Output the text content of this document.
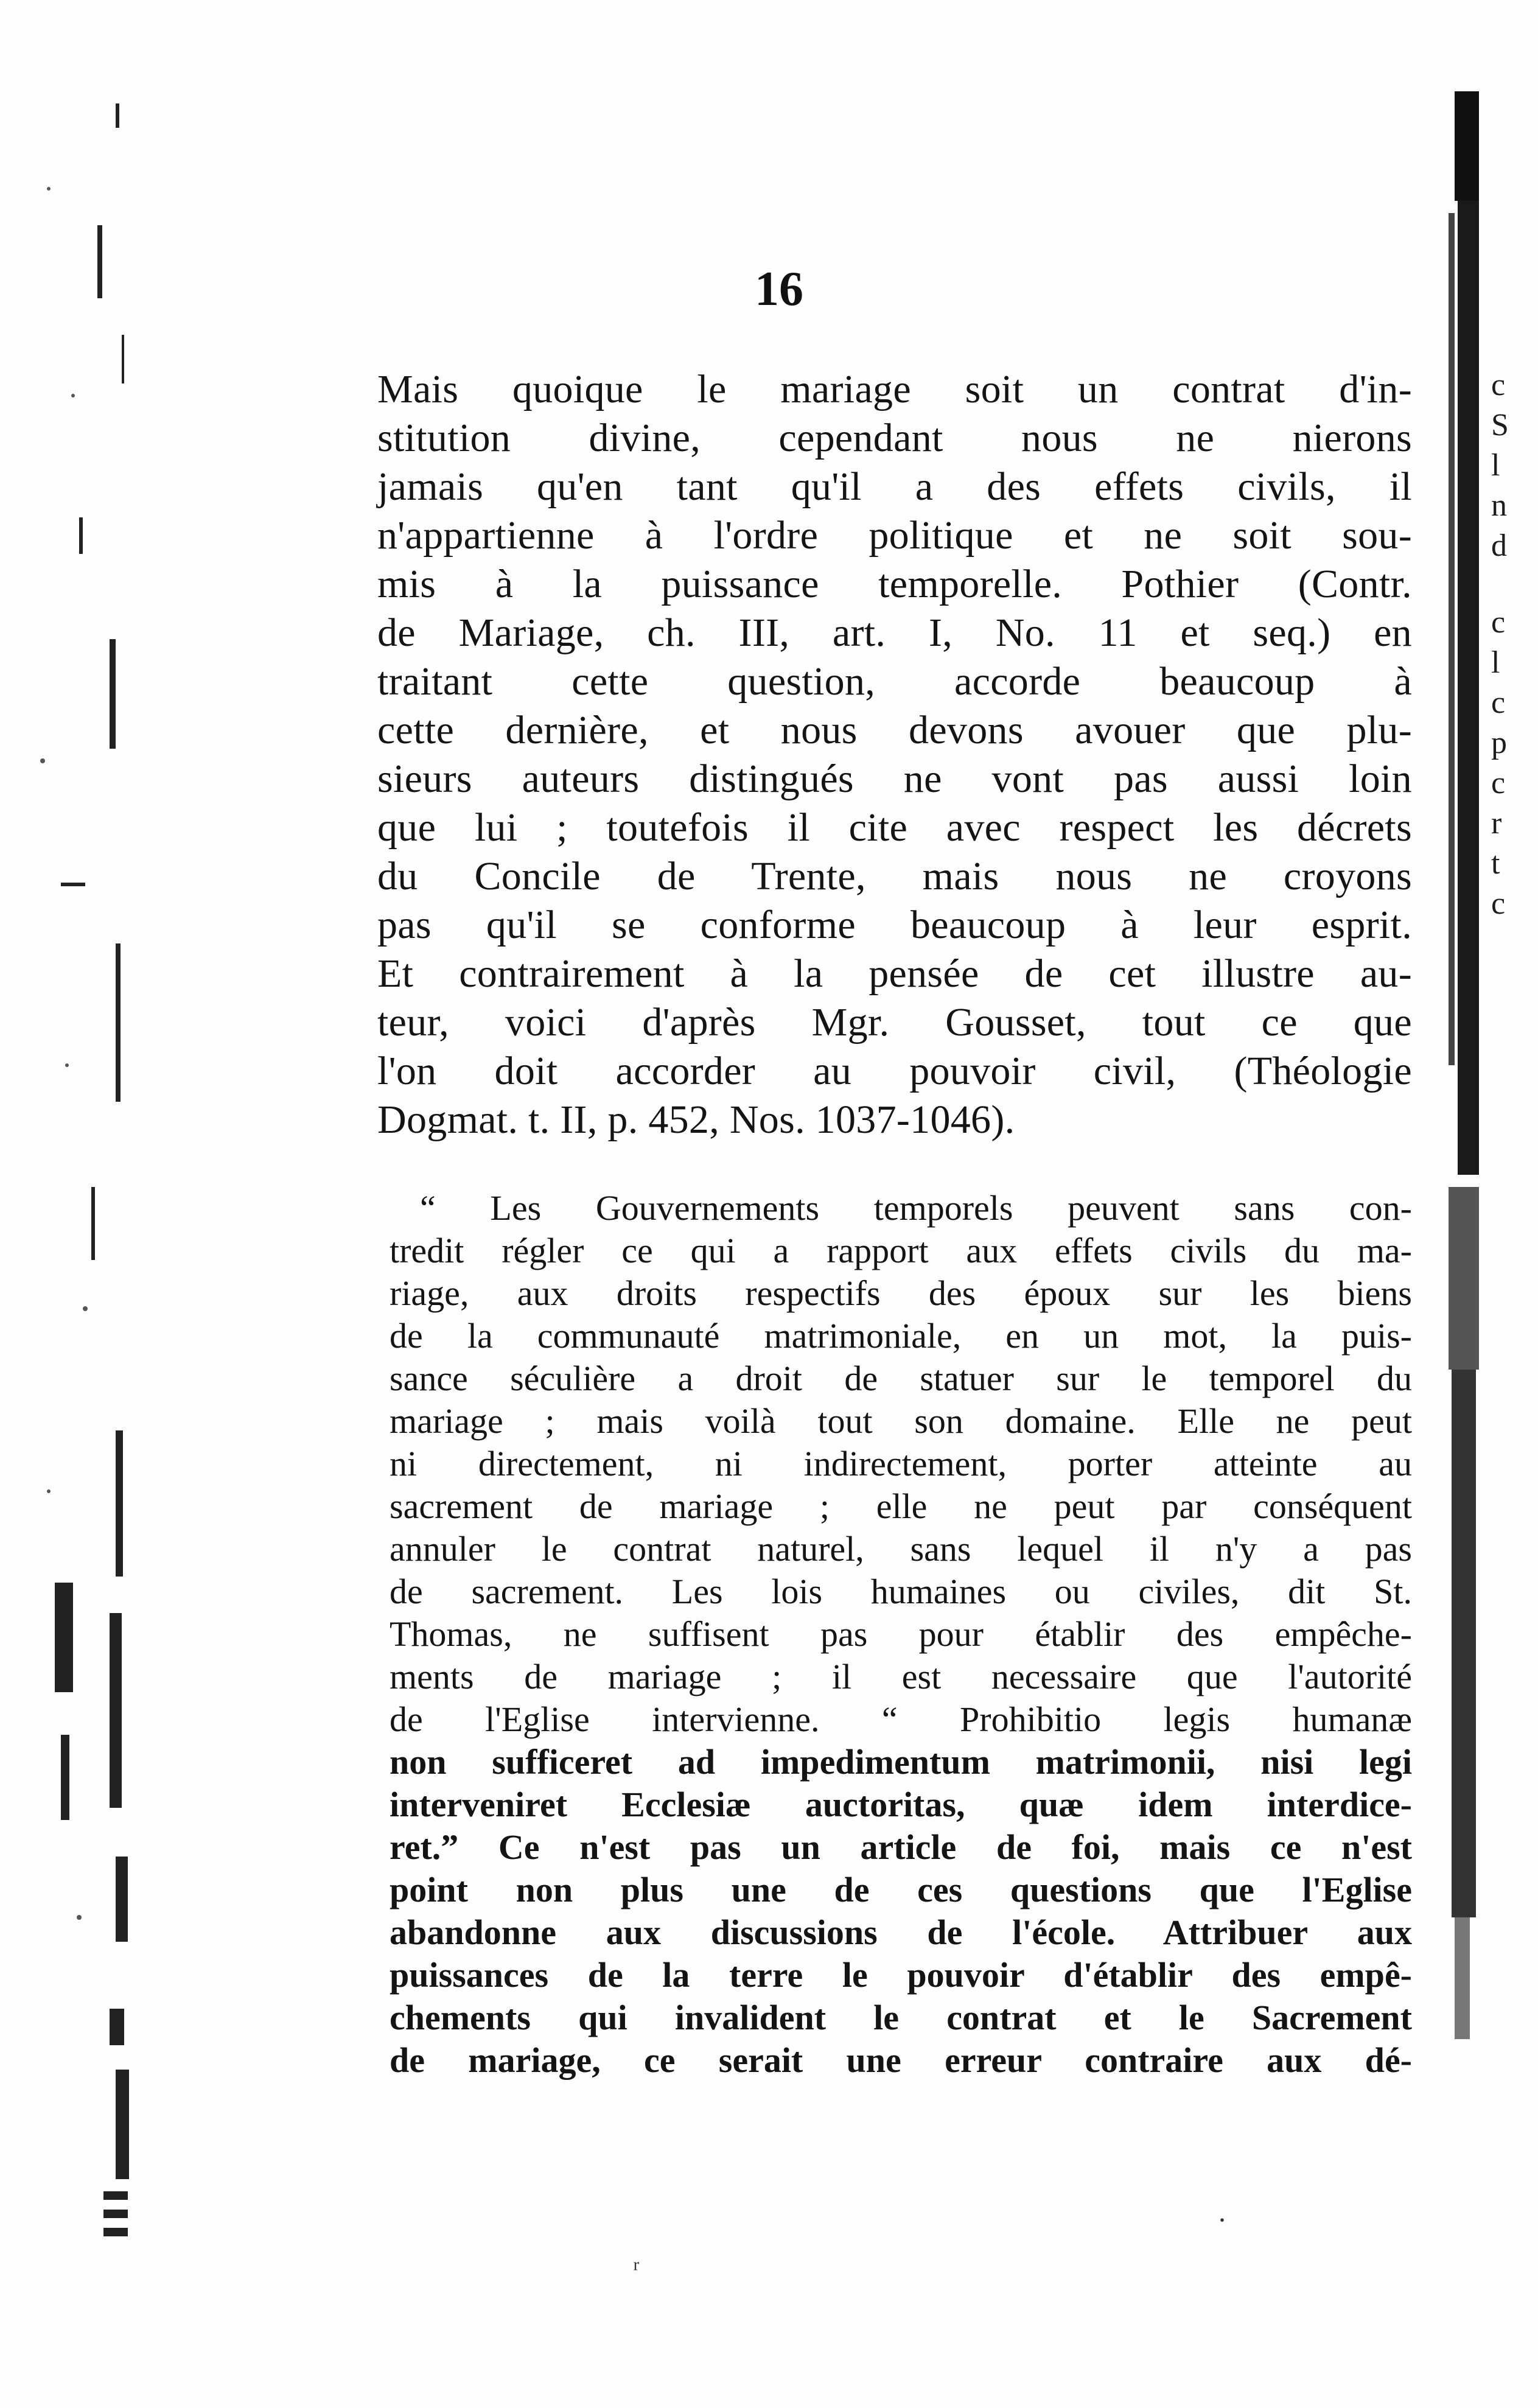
c
S
l
n
d
c
l
c
p
c
r
t
c
16
Mais quoique le mariage soit un contrat d'in-
stitution divine, cependant nous ne nierons
jamais qu'en tant qu'il a des effets civils, il
n'appartienne à l'ordre politique et ne soit sou-
mis à la puissance temporelle. Pothier (Contr.
de Mariage, ch. III, art. I, No. 11 et seq.) en
traitant cette question, accorde beaucoup à
cette dernière, et nous devons avouer que plu-
sieurs auteurs distingués ne vont pas aussi loin
que lui ; toutefois il cite avec respect les décrets
du Concile de Trente, mais nous ne croyons
pas qu'il se conforme beaucoup à leur esprit.
Et contrairement à la pensée de cet illustre au-
teur, voici d'après Mgr. Gousset, tout ce que
l'on doit accorder au pouvoir civil, (Théologie
Dogmat. t. II, p. 452, Nos. 1037-1046).
“ Les Gouvernements temporels peuvent sans con-
tredit régler ce qui a rapport aux effets civils du ma-
riage, aux droits respectifs des époux sur les biens
de la communauté matrimoniale, en un mot, la puis-
sance séculière a droit de statuer sur le temporel du
mariage ; mais voilà tout son domaine. Elle ne peut
ni directement, ni indirectement, porter atteinte au
sacrement de mariage ; elle ne peut par conséquent
annuler le contrat naturel, sans lequel il n'y a pas
de sacrement. Les lois humaines ou civiles, dit St.
Thomas, ne suffisent pas pour établir des empêche-
ments de mariage ; il est necessaire que l'autorité
de l'Eglise intervienne. “ Prohibitio legis humanæ
non sufficeret ad impedimentum matrimonii, nisi legi
interveniret Ecclesiæ auctoritas, quæ idem interdice-
ret.” Ce n'est pas un article de foi, mais ce n'est
point non plus une de ces questions que l'Eglise
abandonne aux discussions de l'école. Attribuer aux
puissances de la terre le pouvoir d'établir des empê-
chements qui invalident le contrat et le Sacrement
de mariage, ce serait une erreur contraire aux dé-
ʳ
·
